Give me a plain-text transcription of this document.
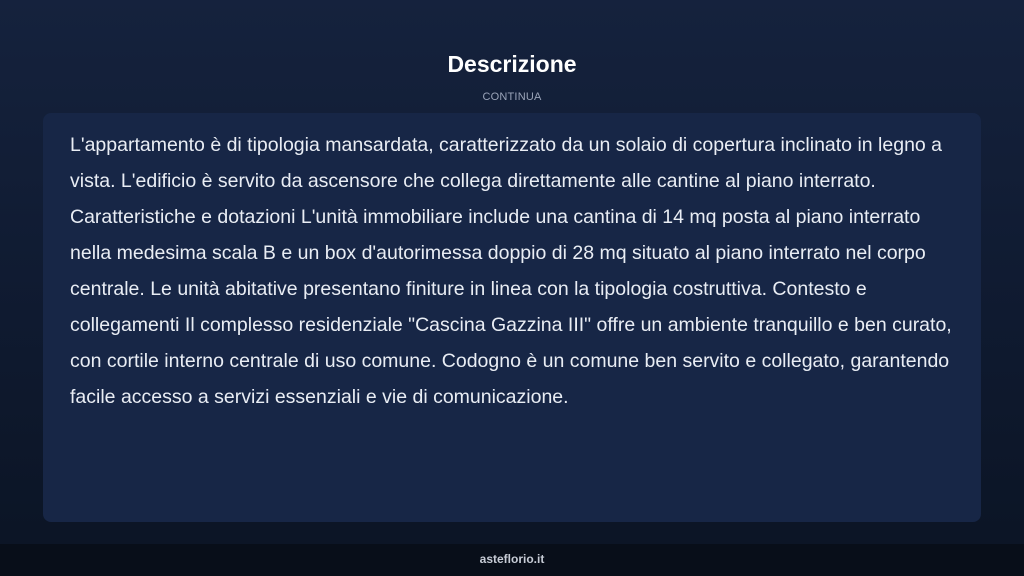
Descrizione
CONTINUA

L'appartamento è di tipologia mansardata, caratterizzato da un solaio di copertura inclinato in legno a vista. L'edificio è servito da ascensore che collega direttamente alle cantine al piano interrato. Caratteristiche e dotazioni L'unità immobiliare include una cantina di 14 mq posta al piano interrato nella medesima scala B e un box d'autorimessa doppio di 28 mq situato al piano interrato nel corpo centrale. Le unità abitative presentano finiture in linea con la tipologia costruttiva. Contesto e collegamenti Il complesso residenziale "Cascina Gazzina III" offre un ambiente tranquillo e ben curato, con cortile interno centrale di uso comune. Codogno è un comune ben servito e collegato, garantendo facile accesso a servizi essenziali e vie di comunicazione.

asteflorio.it
